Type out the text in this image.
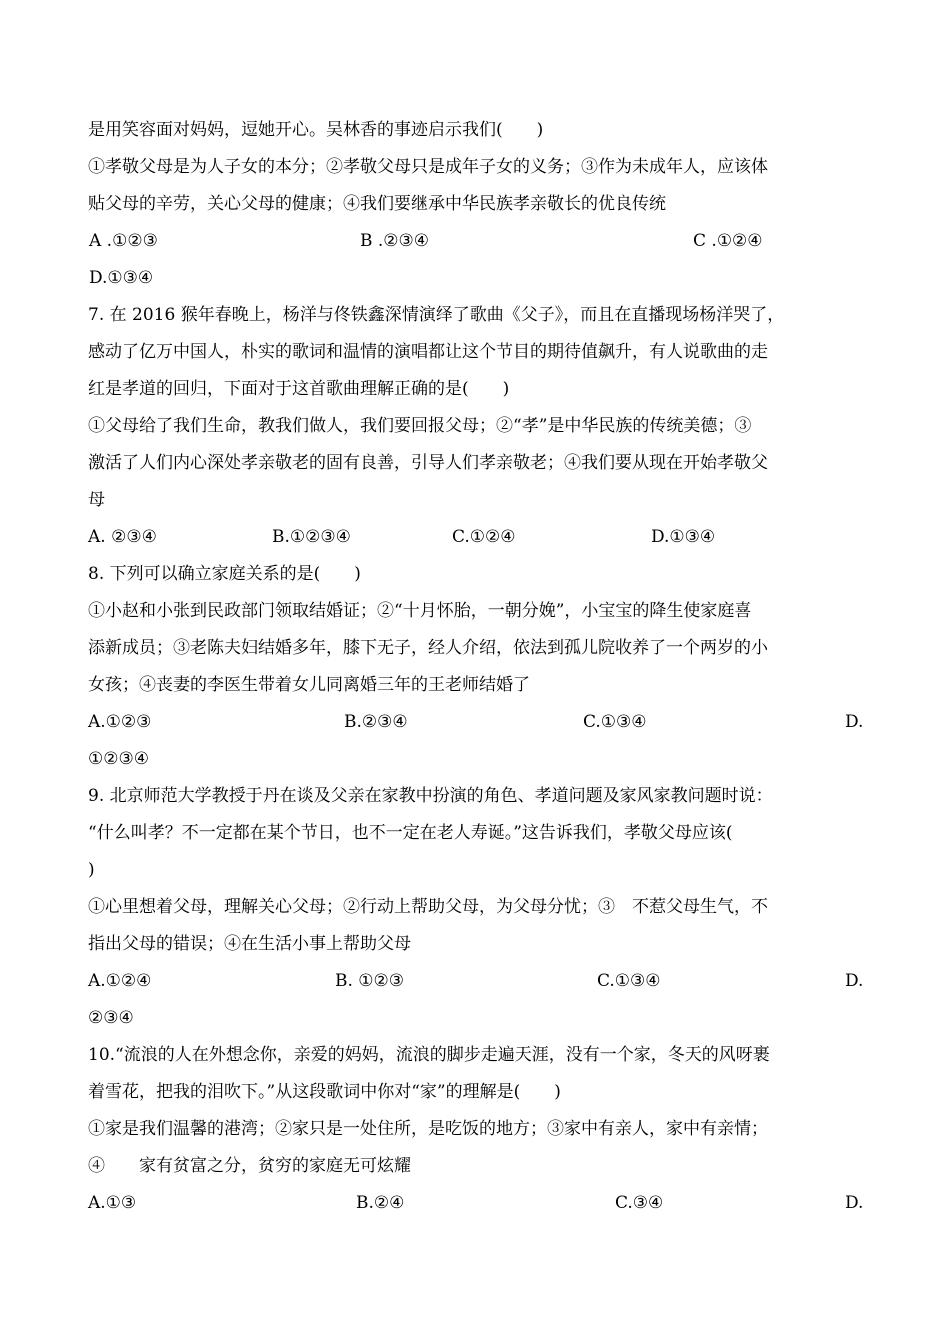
是用笑容面对妈妈，逗她开心。吴林香的事迹启示我们(　　)
①孝敬父母是为人子女的本分；②孝敬父母只是成年子女的义务；③作为未成年人，应该体
贴父母的辛劳，关心父母的健康；④我们要继承中华民族孝亲敬长的优良传统
A .①②③	B .②③④	C .①②④
D.①③④
7. 在 2016 猴年春晚上，杨洋与佟铁鑫深情演绎了歌曲《父子》，而且在直播现场杨洋哭了，
感动了亿万中国人，朴实的歌词和温情的演唱都让这个节目的期待值飙升，有人说歌曲的走
红是孝道的回归，下面对于这首歌曲理解正确的是(　　)
①父母给了我们生命，教我们做人，我们要回报父母；②“孝”是中华民族的传统美德；③
激活了人们内心深处孝亲敬老的固有良善，引导人们孝亲敬老；④我们要从现在开始孝敬父
母
A. ②③④	B.①②③④	C.①②④	D.①③④
8. 下列可以确立家庭关系的是(　　)
①小赵和小张到民政部门领取结婚证；②“十月怀胎，一朝分娩”，小宝宝的降生使家庭喜
添新成员；③老陈夫妇结婚多年，膝下无子，经人介绍，依法到孤儿院收养了一个两岁的小
女孩；④丧妻的李医生带着女儿同离婚三年的王老师结婚了
A.①②③	B.②③④	C.①③④	D.
①②③④
9. 北京师范大学教授于丹在谈及父亲在家教中扮演的角色、孝道问题及家风家教问题时说：
“什么叫孝？不一定都在某个节日，也不一定在老人寿诞。”这告诉我们，孝敬父母应该(
)
①心里想着父母，理解关心父母；②行动上帮助父母，为父母分忧；③　不惹父母生气，不
指出父母的错误；④在生活小事上帮助父母
A.①②④	B. ①②③	C.①③④	D.
②③④
10.“流浪的人在外想念你，亲爱的妈妈，流浪的脚步走遍天涯，没有一个家，冬天的风呀裹
着雪花，把我的泪吹下。”从这段歌词中你对“家”的理解是(　　)
①家是我们温馨的港湾；②家只是一处住所，是吃饭的地方；③家中有亲人，家中有亲情；
④　　家有贫富之分，贫穷的家庭无可炫耀
A.①③	B.②④	C.③④	D.
